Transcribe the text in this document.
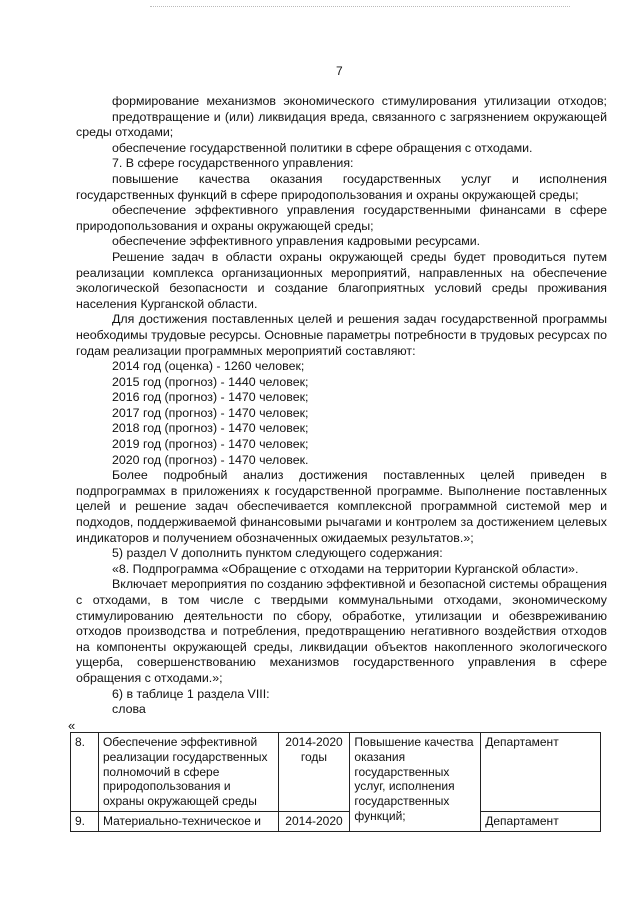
7

формирование механизмов экономического стимулирования утилизации отходов;

предотвращение и (или) ликвидация вреда, связанного с загрязнением окружающей среды отходами;

обеспечение государственной политики в сфере обращения с отходами.

7. В сфере государственного управления:

повышение качества оказания государственных услуг и исполнения государственных функций в сфере природопользования и охраны окружающей среды;

обеспечение эффективного управления государственными финансами в сфере природопользования и охраны окружающей среды;

обеспечение эффективного управления кадровыми ресурсами.

Решение задач в области охраны окружающей среды будет проводиться путем реализации комплекса организационных мероприятий, направленных на обеспечение экологической безопасности и создание благоприятных условий среды проживания населения Курганской области.

Для достижения поставленных целей и решения задач государственной программы необходимы трудовые ресурсы. Основные параметры потребности в трудовых ресурсах по годам реализации программных мероприятий составляют:

2014 год (оценка) - 1260 человек;

2015 год (прогноз) - 1440 человек;

2016 год (прогноз) - 1470 человек;

2017 год (прогноз) - 1470 человек;

2018 год (прогноз) - 1470 человек;

2019 год (прогноз) - 1470 человек;

2020 год (прогноз) - 1470 человек.

Более подробный анализ достижения поставленных целей приведен в подпрограммах в приложениях к государственной программе. Выполнение поставленных целей и решение задач обеспечивается комплексной программной системой мер и подходов, поддерживаемой финансовыми рычагами и контролем за достижением целевых индикаторов и получением обозначенных ожидаемых результатов.»;

5) раздел V дополнить пунктом следующего содержания:

«8. Подпрограмма «Обращение с отходами на территории Курганской области».

Включает мероприятия по созданию эффективной и безопасной системы обращения с отходами, в том числе с твердыми коммунальными отходами, экономическому стимулированию деятельности по сбору, обработке, утилизации и обезвреживанию отходов производства и потребления, предотвращению негативного воздействия отходов на компоненты окружающей среды, ликвидации объектов накопленного экологического ущерба, совершенствованию механизмов государственного управления в сфере обращения с отходами.»;

6) в таблице 1 раздела VIII:

слова

«
8.	Обеспечение эффективной реализации государственных полномочий в сфере природопользования и охраны окружающей среды	2014-2020 годы	Повышение качества оказания государственных услуг, исполнения государственных функций;	Департамент
9.	Материально-техническое и	2014-2020		Департамент
